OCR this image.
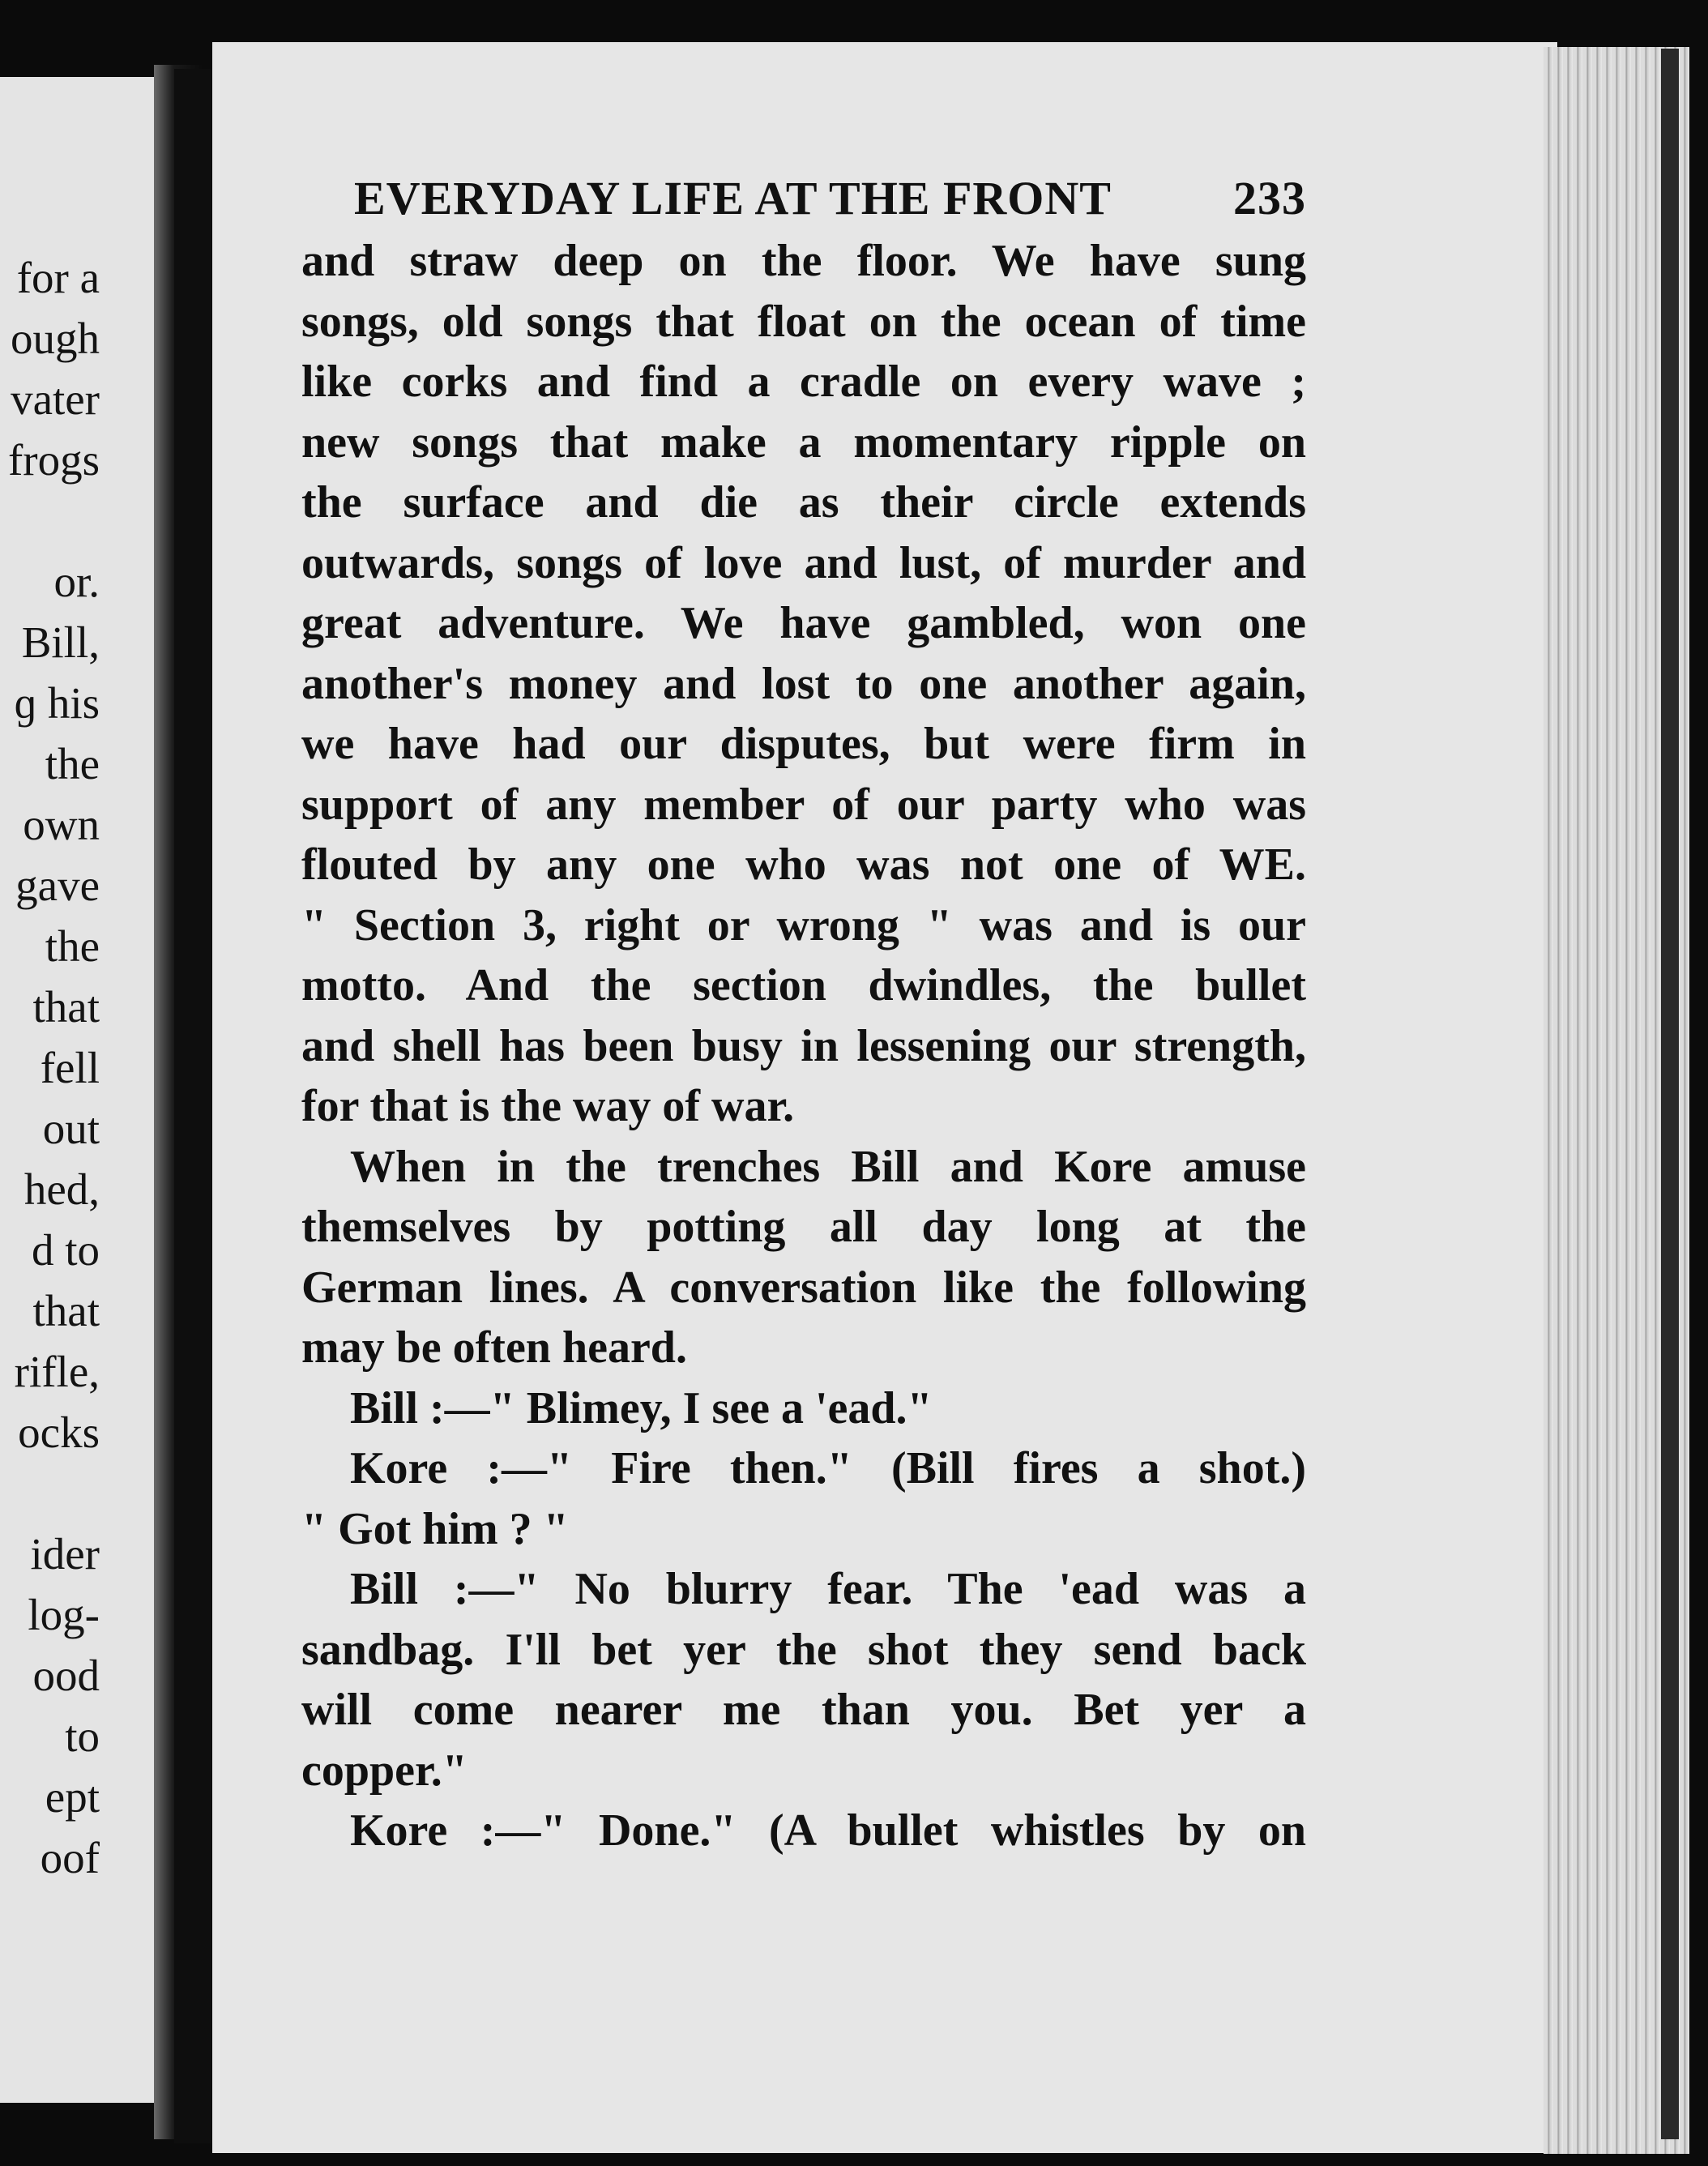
for a
ough
vater
frogs

or.
Bill,
ɡ his
the
own
gave
the
that
fell
out
hed,
d to
that
rifle,
ocks

ider
log-
ood
to
ept
oof
EVERYDAY LIFE AT THE FRONT	233
and straw deep on the floor. We have sung
songs, old songs that float on the ocean of time
like corks and find a cradle on every wave ;
new songs that make a momentary ripple on
the surface and die as their circle extends
outwards, songs of love and lust, of murder and
great adventure. We have gambled, won one
another's money and lost to one another again,
we have had our disputes, but were firm in
support of any member of our party who was
flouted by any one who was not one of WE.
" Section 3, right or wrong " was and is our
motto. And the section dwindles, the bullet
and shell has been busy in lessening our strength,
for that is the way of war.
When in the trenches Bill and Kore amuse
themselves by potting all day long at the
German lines. A conversation like the following
may be often heard.
Bill :—" Blimey, I see a 'ead."
Kore :—" Fire then." (Bill fires a shot.)
" Got him ? "
Bill :—" No blurry fear. The 'ead was a
sandbag. I'll bet yer the shot they send back
will come nearer me than you. Bet yer a
copper."
Kore :—" Done." (A bullet whistles by on
